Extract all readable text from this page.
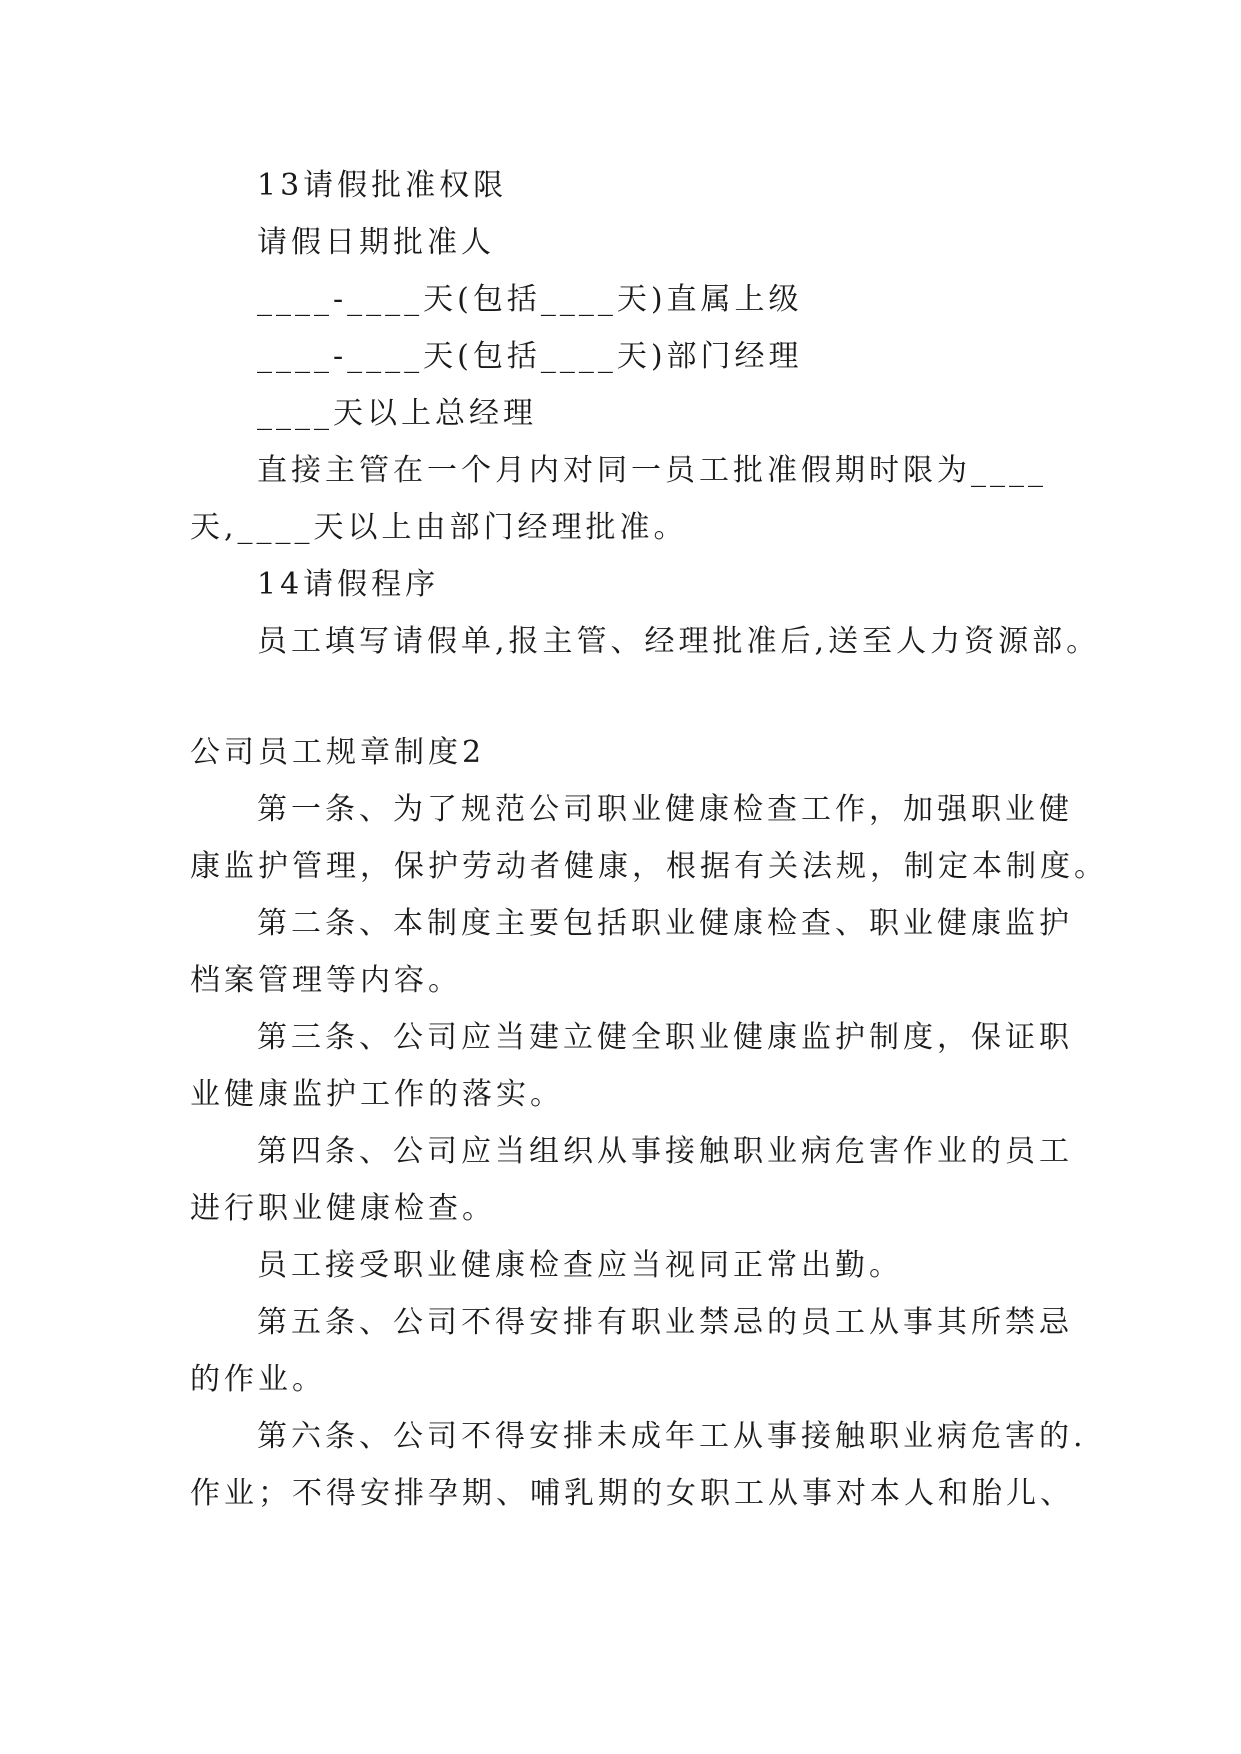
13请假批准权限
请假日期批准人
____-____天(包括____天)直属上级
____-____天(包括____天)部门经理
____天以上总经理
直接主管在一个月内对同一员工批准假期时限为____
天,____天以上由部门经理批准。
14请假程序
员工填写请假单,报主管、经理批准后,送至人力资源部。
公司员工规章制度2
第一条、为了规范公司职业健康检查工作，加强职业健
康监护管理，保护劳动者健康，根据有关法规，制定本制度。
第二条、本制度主要包括职业健康检查、职业健康监护
档案管理等内容。
第三条、公司应当建立健全职业健康监护制度，保证职
业健康监护工作的落实。
第四条、公司应当组织从事接触职业病危害作业的员工
进行职业健康检查。
员工接受职业健康检查应当视同正常出勤。
第五条、公司不得安排有职业禁忌的员工从事其所禁忌
的作业。
第六条、公司不得安排未成年工从事接触职业病危害的.
作业；不得安排孕期、哺乳期的女职工从事对本人和胎儿、
